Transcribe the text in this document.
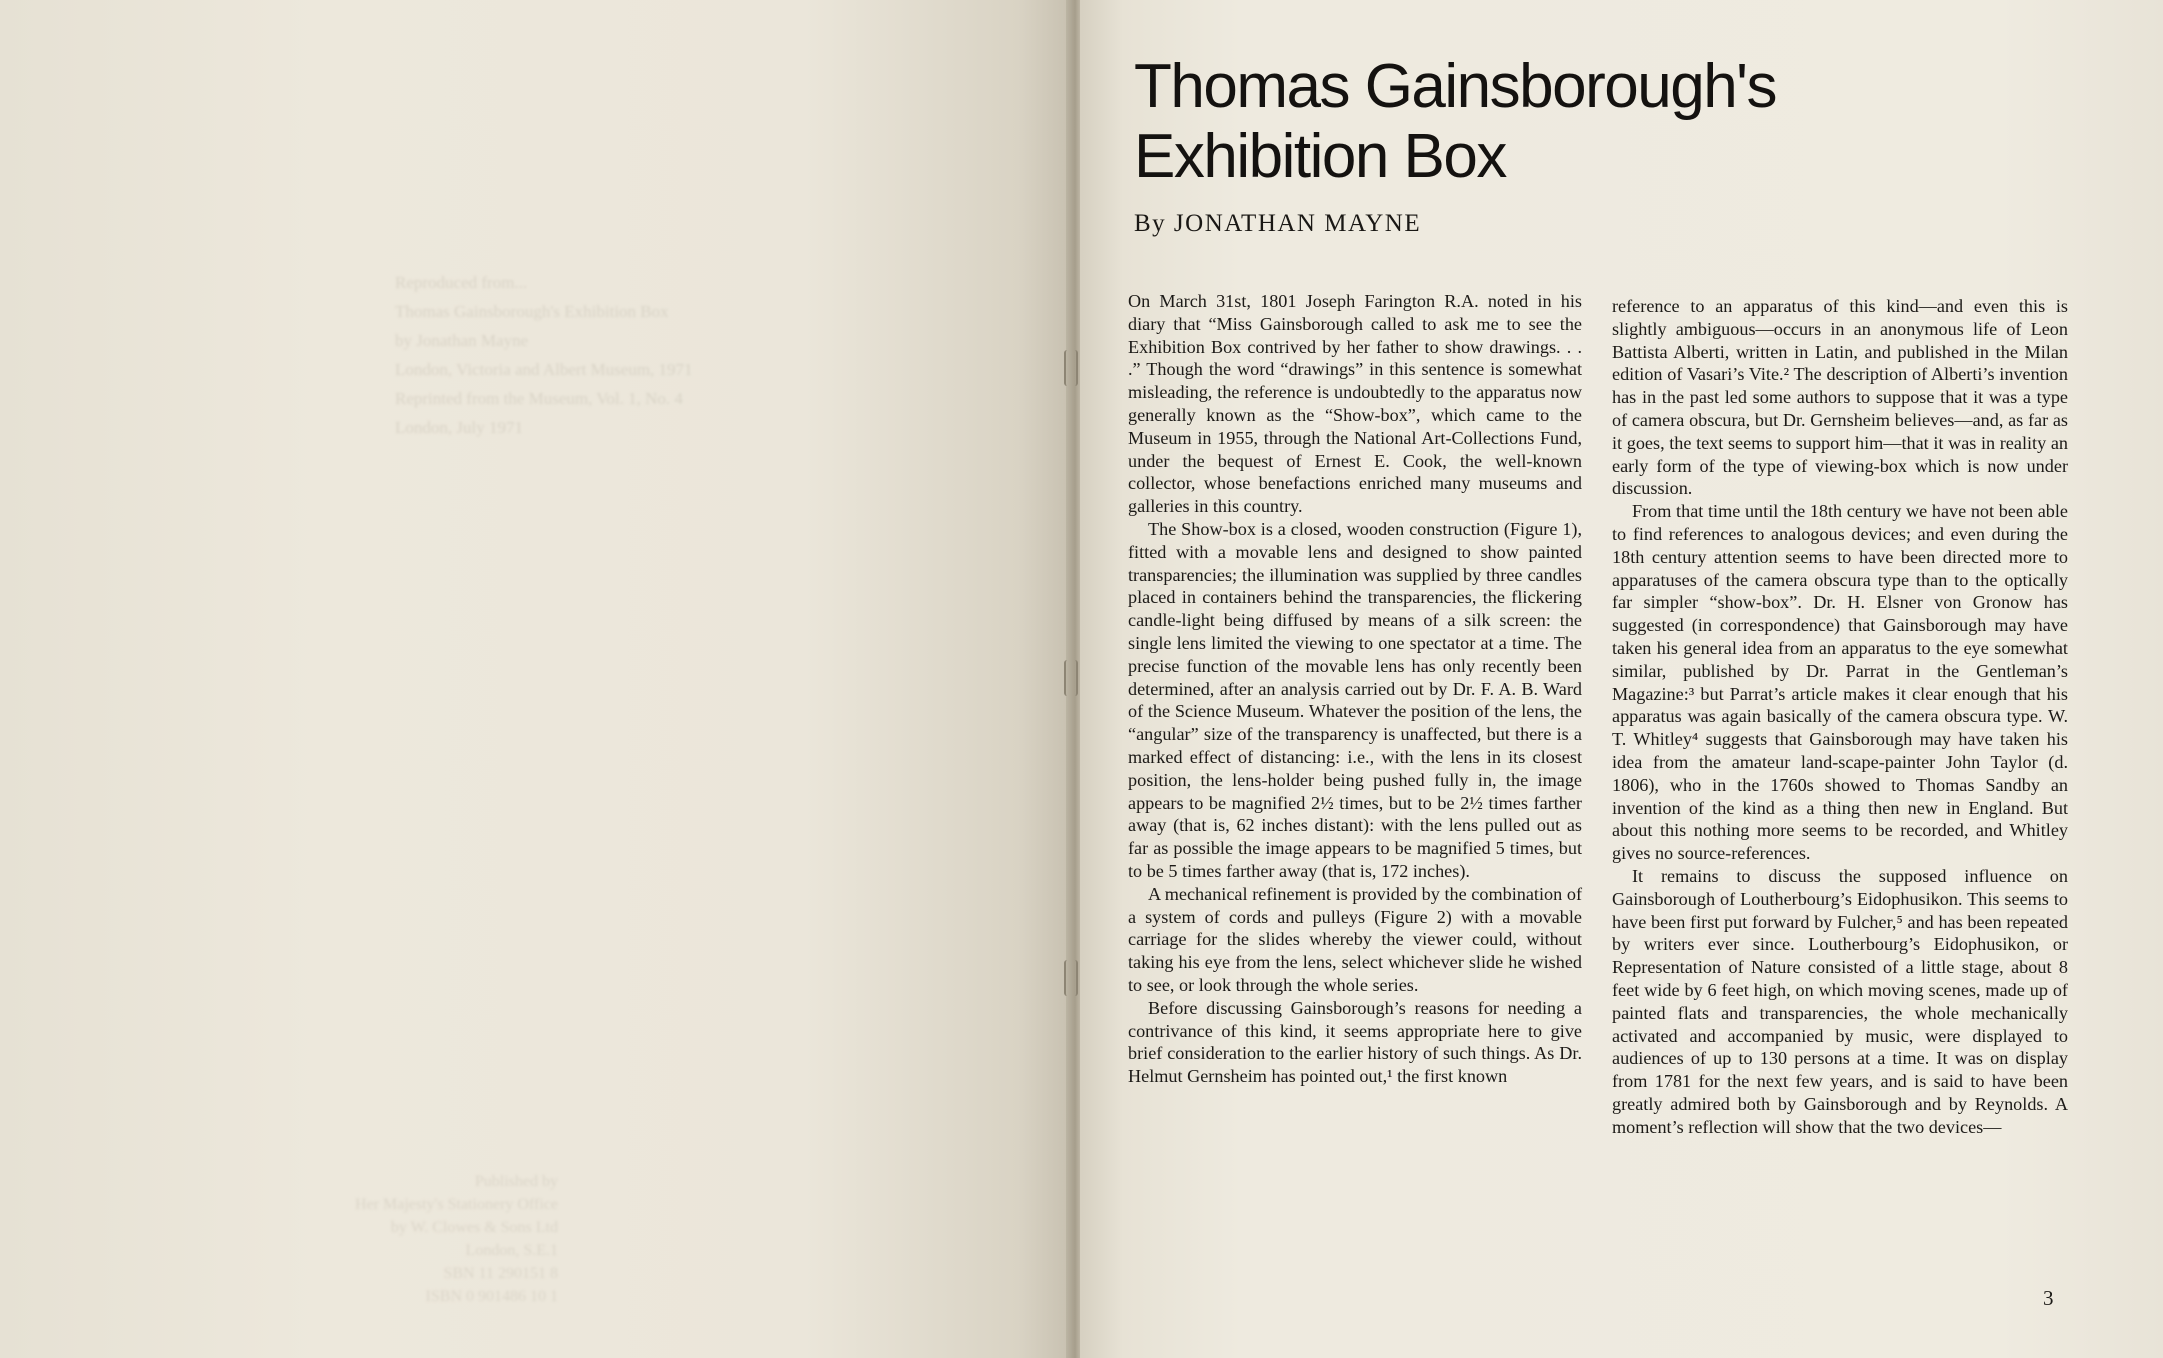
Reproduced from...
Thomas Gainsborough's Exhibition Box
by Jonathan Mayne
London, Victoria and Albert Museum, 1971
Reprinted from the Museum, Vol. 1, No. 4
London, July 1971
Published by
Her Majesty's Stationery Office
by W. Clowes & Sons Ltd
London, S.E.1
SBN 11 290151 8
ISBN 0 901486 10 1
Thomas Gainsborough's
Exhibition Box
By JONATHAN MAYNE

On March 31st, 1801 Joseph Farington R.A. noted in his diary that “Miss Gainsborough called to ask me to see the Exhibition Box contrived by her father to show drawings. . . .” Though the word “drawings” in this sentence is somewhat misleading, the reference is undoubtedly to the apparatus now generally known as the “Show-box”, which came to the Museum in 1955, through the National Art-Collections Fund, under the bequest of Ernest E. Cook, the well-known collector, whose benefactions enriched many museums and galleries in this country.

The Show-box is a closed, wooden construction (Figure 1), fitted with a movable lens and designed to show painted transparencies; the illumination was supplied by three candles placed in containers behind the transparencies, the flickering candle-light being diffused by means of a silk screen: the single lens limited the viewing to one spectator at a time. The precise function of the movable lens has only recently been determined, after an analysis carried out by Dr. F. A. B. Ward of the Science Museum. Whatever the position of the lens, the “angular” size of the transparency is unaffected, but there is a marked effect of distancing: i.e., with the lens in its closest position, the lens-holder being pushed fully in, the image appears to be magnified 2½ times, but to be 2½ times farther away (that is, 62 inches distant): with the lens pulled out as far as possible the image appears to be magnified 5 times, but to be 5 times farther away (that is, 172 inches).

A mechanical refinement is provided by the combination of a system of cords and pulleys (Figure 2) with a movable carriage for the slides whereby the viewer could, without taking his eye from the lens, select whichever slide he wished to see, or look through the whole series.

Before discussing Gainsborough’s reasons for needing a contrivance of this kind, it seems appropriate here to give brief consideration to the earlier history of such things. As Dr. Helmut Gernsheim has pointed out,¹ the first known

reference to an apparatus of this kind—and even this is slightly ambiguous—occurs in an anonymous life of Leon Battista Alberti, written in Latin, and published in the Milan edition of Vasari’s Vite.² The description of Alberti’s invention has in the past led some authors to suppose that it was a type of camera obscura, but Dr. Gernsheim believes—and, as far as it goes, the text seems to support him—that it was in reality an early form of the type of viewing-box which is now under discussion.

From that time until the 18th century we have not been able to find references to analogous devices; and even during the 18th century attention seems to have been directed more to apparatuses of the camera obscura type than to the optically far simpler “show-box”. Dr. H. Elsner von Gronow has suggested (in correspondence) that Gainsborough may have taken his general idea from an apparatus to the eye somewhat similar, published by Dr. Parrat in the Gentleman’s Magazine:³ but Parrat’s article makes it clear enough that his apparatus was again basically of the camera obscura type. W. T. Whitley⁴ suggests that Gainsborough may have taken his idea from the amateur land-scape-painter John Taylor (d. 1806), who in the 1760s showed to Thomas Sandby an invention of the kind as a thing then new in England. But about this nothing more seems to be recorded, and Whitley gives no source-references.

It remains to discuss the supposed influence on Gainsborough of Loutherbourg’s Eidophusikon. This seems to have been first put forward by Fulcher,⁵ and has been repeated by writers ever since. Loutherbourg’s Eidophusikon, or Representation of Nature consisted of a little stage, about 8 feet wide by 6 feet high, on which moving scenes, made up of painted flats and transparencies, the whole mechanically activated and accompanied by music, were displayed to audiences of up to 130 persons at a time. It was on display from 1781 for the next few years, and is said to have been greatly admired both by Gainsborough and by Reynolds. A moment’s reflection will show that the two devices—

3
